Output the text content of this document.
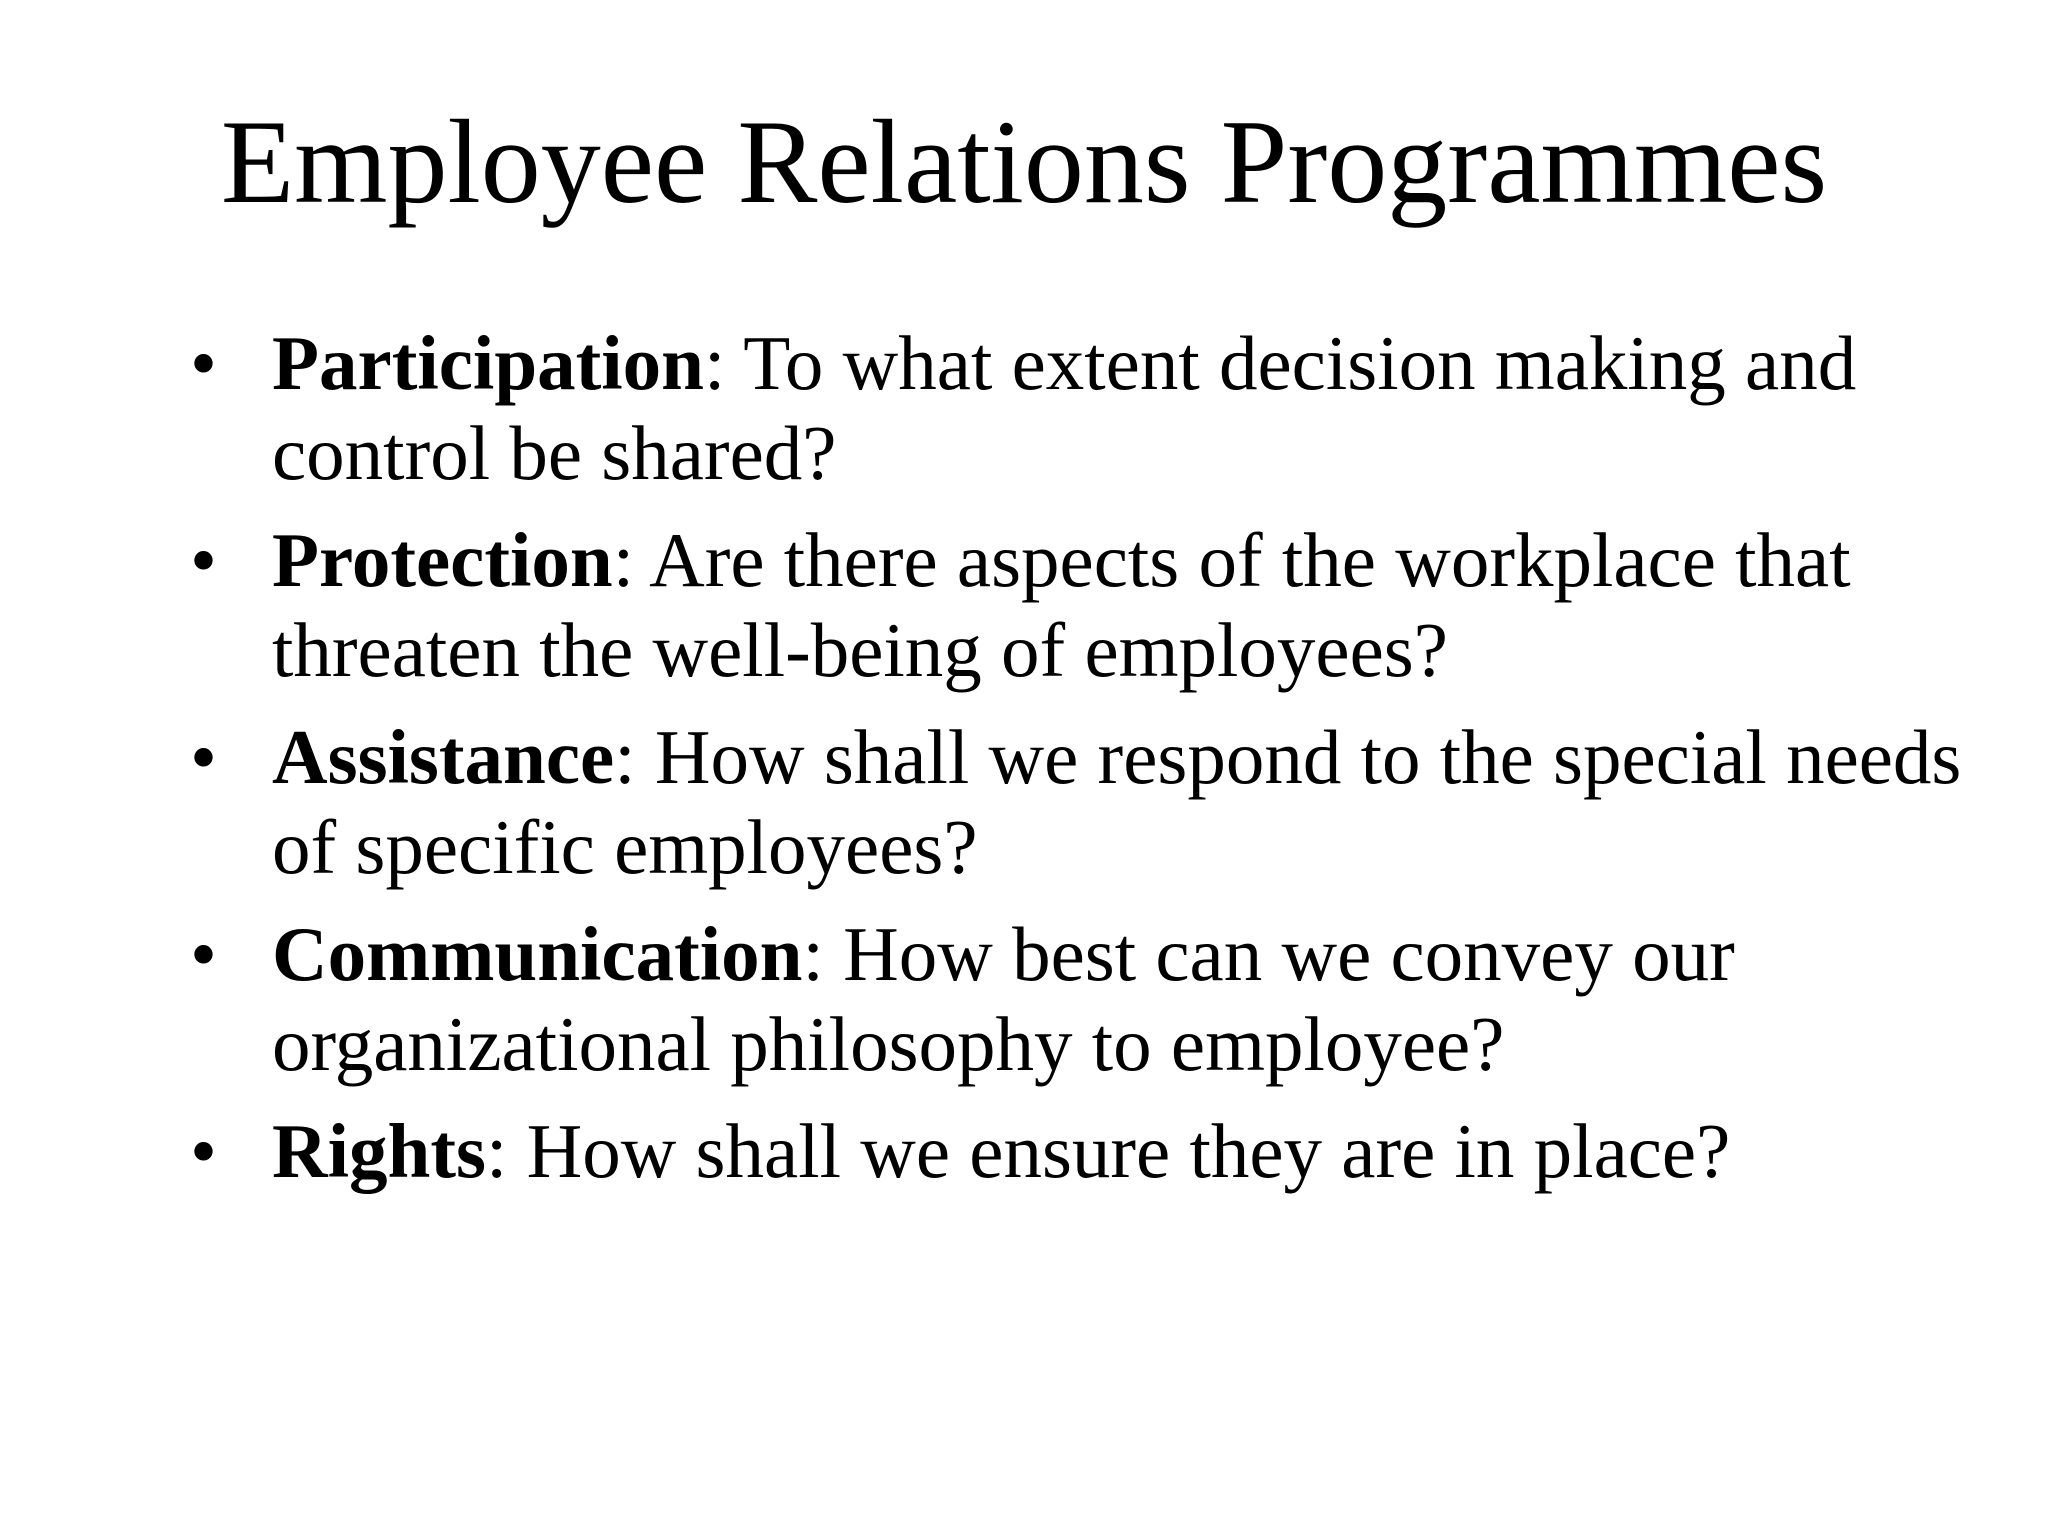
Employee Relations Programmes
• Participation: To what extent decision making and control be shared?
• Protection: Are there aspects of the workplace that threaten the well-being of employees?
• Assistance: How shall we respond to the special needs of specific employees?
• Communication: How best can we convey our organizational philosophy to employee?
• Rights: How shall we ensure they are in place?
